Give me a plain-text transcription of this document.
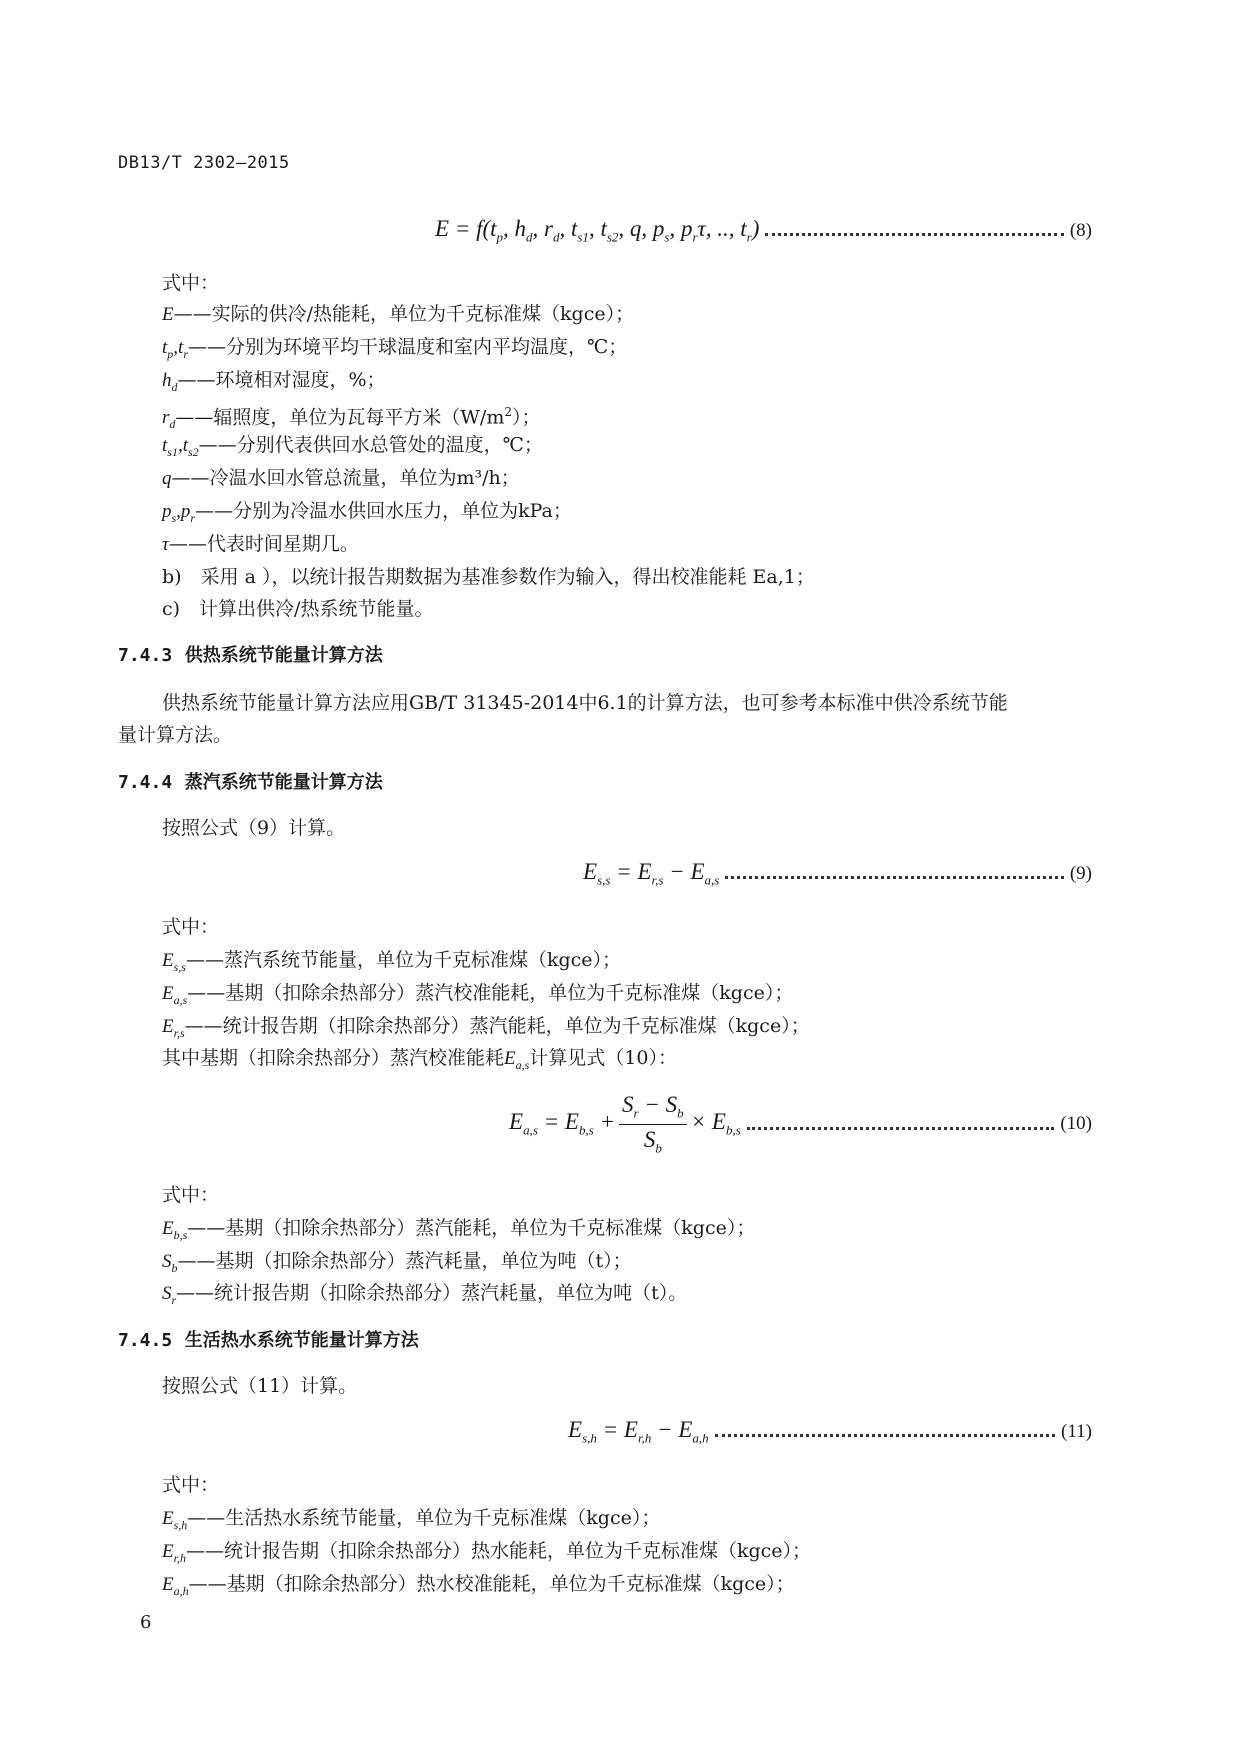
DB13/T 2302—2015
$E = f(t_p$, $h_d$, $r_d$, $t_{s1}$, $t_{s2}$, q, $p_s$, $p_r\tau$, .., $t_r$)	(8)
式中：
E——实际的供冷/热能耗，单位为千克标准煤（kgce）；
$t_p,t_r——$分别为环境平均干球温度和室内平均温度，℃；
$h_d——$环境相对湿度，%；
$r_d——$辐照度，单位为瓦每平方米$(W/m^2)$；
$t_{s1},t_{s2}——$分别代表供回水总管处的温度，℃；
q——冷温水回水管总流量，单位为m³/h；
$p_s,p_r——$分别为冷温水供回水压力，单位为kPa；
τ——代表时间星期几。
b)　采用 a ），以统计报告期数据为基准参数作为输入，得出校准能耗 Ea,1；
c)　计算出供冷/热系统节能量。
7.4.3 供热系统节能量计算方法
供热系统节能量计算方法应用GB/T 31345-2014中6.1的计算方法，也可参考本标准中供冷系统节能
量计算方法。
7.4.4 蒸汽系统节能量计算方法
按照公式（9）计算。
$E_{s,s} = E_{r,s} - E_{a,s}$	(9)
式中：
$E_{s,s}——$蒸汽系统节能量，单位为千克标准煤（kgce）；
$E_{a,s}——$基期（扣除余热部分）蒸汽校准能耗，单位为千克标准煤（kgce）；
$E_{r,s}——$统计报告期（扣除余热部分）蒸汽能耗，单位为千克标准煤（kgce）；
其中基期（扣除余热部分）蒸汽校准能耗$E_{a,s}$计算见式（10）：
$E_{a,s} = E_{b,s} + \frac{S_r - S_b}{S_b} \times E_{b,s}$	(10)
式中：
$E_{b,s}——$基期（扣除余热部分）蒸汽能耗，单位为千克标准煤（kgce）；
$S_b——$基期（扣除余热部分）蒸汽耗量，单位为吨（t）；
$S_r——$统计报告期（扣除余热部分）蒸汽耗量，单位为吨（t）。
7.4.5 生活热水系统节能量计算方法
按照公式（11）计算。
$E_{s,h} = E_{r,h} - E_{a,h}$	(11)
式中：
$E_{s,h}——$生活热水系统节能量，单位为千克标准煤（kgce）；
$E_{r,h}——$统计报告期（扣除余热部分）热水能耗，单位为千克标准煤（kgce）；
$E_{a,h}——$基期（扣除余热部分）热水校准能耗，单位为千克标准煤（kgce）；
6
